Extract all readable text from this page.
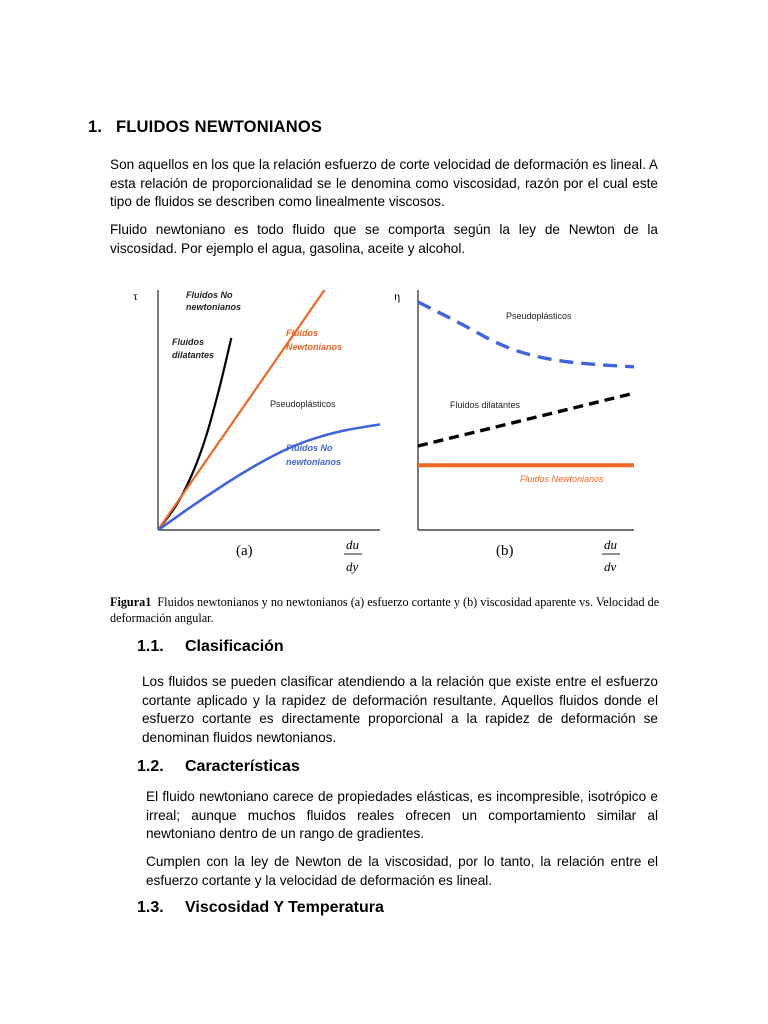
1. FLUIDOS NEWTONIANOS

Son aquellos en los que la relación esfuerzo de corte velocidad de deformación es lineal. A esta relación de proporcionalidad se le denomina como viscosidad, razón por el cual este tipo de fluidos se describen como linealmente viscosos.

Fluido newtoniano es todo fluido que se comporta según la ley de Newton de la viscosidad. Por ejemplo el agua, gasolina, aceite y alcohol.

τ
(a)	du
dy
Fluidos No
newtonianos
Fluidos
dilatantes
Fluidos
Newtonianos
Pseudoplásticos
Fluidos No
newtonianos
η
(b)	du
dv
Pseudoplásticos
Fluidos dilatantes
Fluidos Newtonianos
Figura1 Fluidos newtonianos y no newtonianos (a) esfuerzo cortante y (b) viscosidad aparente vs. Velocidad de deformación angular.
1.1. Clasificación

Los fluidos se pueden clasificar atendiendo a la relación que existe entre el esfuerzo cortante aplicado y la rapidez de deformación resultante. Aquellos fluidos donde el esfuerzo cortante es directamente proporcional a la rapidez de deformación se denominan fluidos newtonianos.

1.2. Características

El fluido newtoniano carece de propiedades elásticas, es incompresible, isotrópico e irreal; aunque muchos fluidos reales ofrecen un comportamiento similar al newtoniano dentro de un rango de gradientes.

Cumplen con la ley de Newton de la viscosidad, por lo tanto, la relación entre el esfuerzo cortante y la velocidad de deformación es lineal.

1.3. Viscosidad Y Temperatura
